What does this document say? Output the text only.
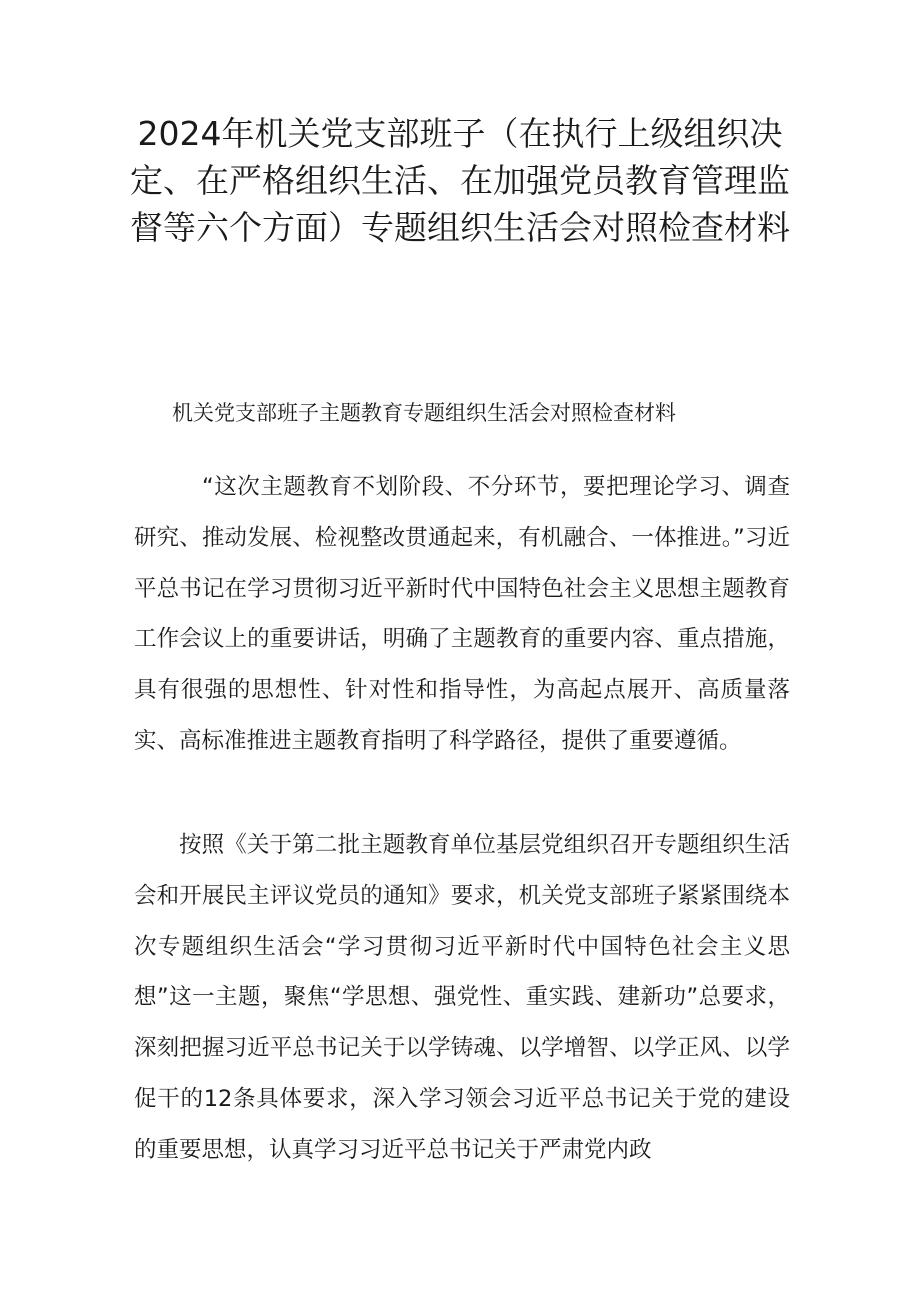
2024年机关党支部班子（在执行上级组织决定、在严格组织生活、在加强党员教育管理监督等六个方面）专题组织生活会对照检查材料

机关党支部班子主题教育专题组织生活会对照检查材料

“这次主题教育不划阶段、不分环节，要把理论学习、调查研究、推动发展、检视整改贯通起来，有机融合、一体推进。”习近平总书记在学习贯彻习近平新时代中国特色社会主义思想主题教育工作会议上的重要讲话，明确了主题教育的重要内容、重点措施，具有很强的思想性、针对性和指导性，为高起点展开、高质量落实、高标准推进主题教育指明了科学路径，提供了重要遵循。

按照《关于第二批主题教育单位基层党组织召开专题组织生活会和开展民主评议党员的通知》要求，机关党支部班子紧紧围绕本次专题组织生活会“学习贯彻习近平新时代中国特色社会主义思想”这一主题，聚焦“学思想、强党性、重实践、建新功”总要求，深刻把握习近平总书记关于以学铸魂、以学增智、以学正风、以学促干的12条具体要求，深入学习领会习近平总书记关于党的建设的重要思想，认真学习习近平总书记关于严肃党内政
